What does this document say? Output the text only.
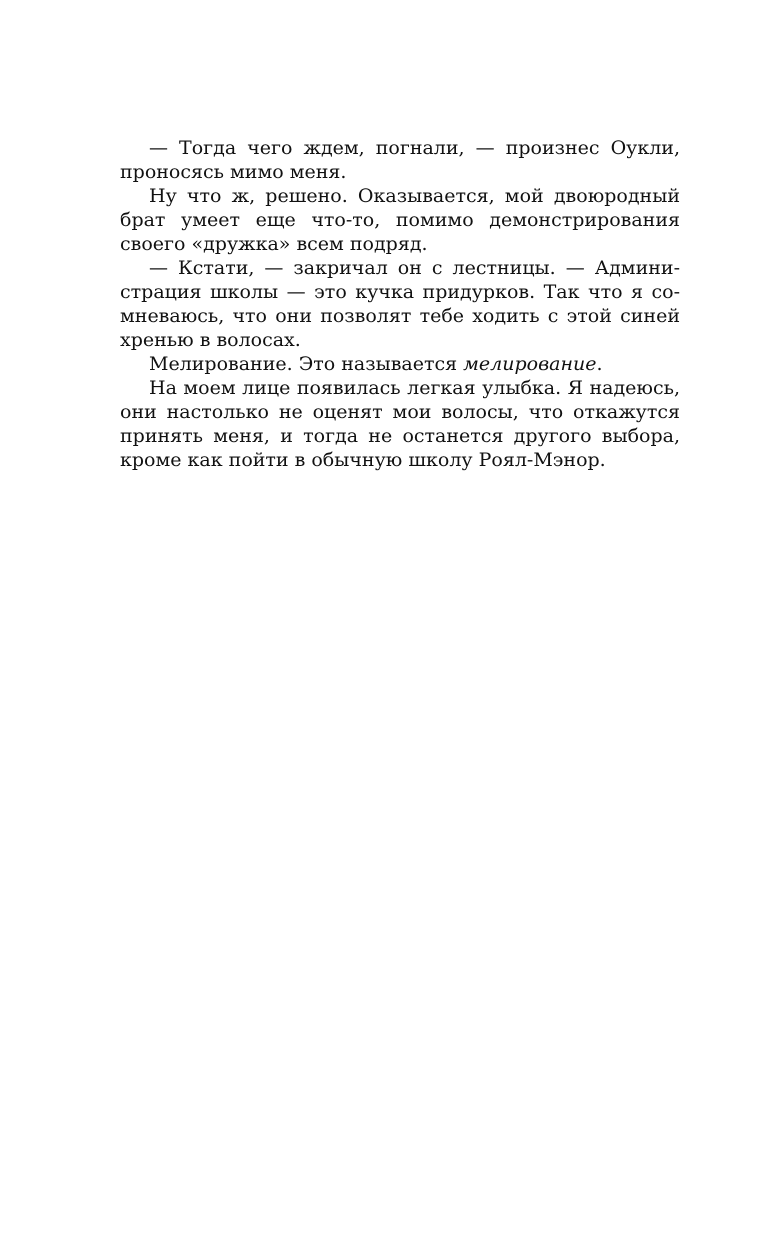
— Тогда чего ждем, погнали, — произнес Оукли,
проносясь мимо меня.
Ну что ж, решено. Оказывается, мой двоюродный
брат умеет еще что-то, помимо демонстрирования
своего «дружка» всем подряд.
— Кстати, — закричал он с лестницы. — Админи-
страция школы — это кучка придурков. Так что я со-
мневаюсь, что они позволят тебе ходить с этой синей
хренью в волосах.
Мелирование. Это называется мелирование.
На моем лице появилась легкая улыбка. Я надеюсь,
они настолько не оценят мои волосы, что откажутся
принять меня, и тогда не останется другого выбора,
кроме как пойти в обычную школу Роял-Мэнор.
